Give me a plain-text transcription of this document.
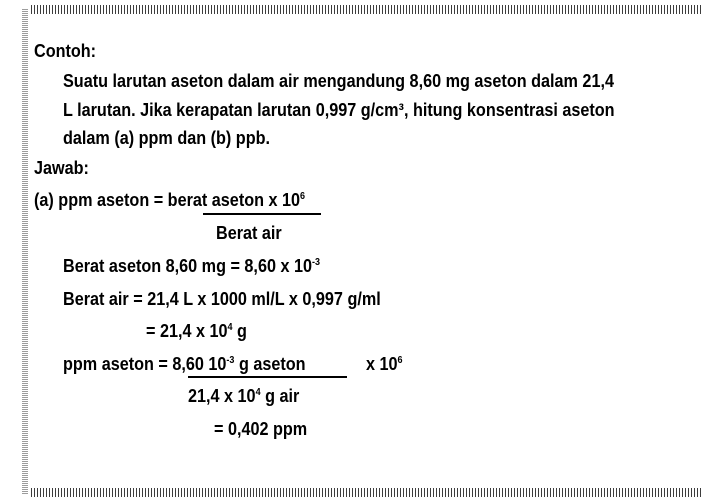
Contoh:
Suatu larutan aseton dalam air mengandung 8,60 mg aseton dalam 21,4
L larutan. Jika kerapatan larutan 0,997 g/cm³, hitung konsentrasi aseton
dalam (a) ppm dan (b) ppb.
Jawab:
(a) ppm aseton = berat aseton x $10^6$
Berat air
Berat aseton 8,60 mg = 8,60 x $10^{-3}$
Berat air = 21,4 L x 1000 ml/L x 0,997 g/ml
= 21,4 x $10^4$ g
ppm aseton = 8,60 $10^{-3}$ g aseton	x $10^6$
21,4 x $10^4$ g air
= 0,402 ppm
